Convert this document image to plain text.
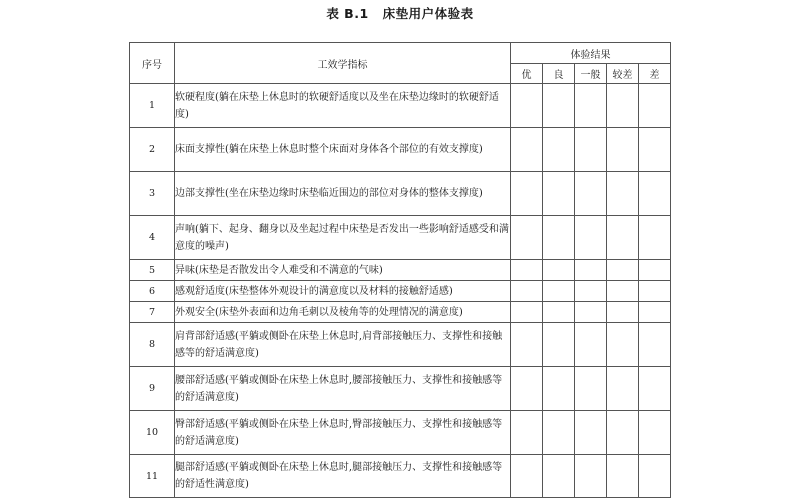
表 B.1 床垫用户体验表
序号	工效学指标	体验结果				
		优	良	一般	较差	差
1	软硬程度(躺在床垫上休息时的软硬舒适度以及坐在床垫边缘时的软硬舒适度)					
2	床面支撑性(躺在床垫上休息时整个床面对身体各个部位的有效支撑度)					
3	边部支撑性(坐在床垫边缘时床垫临近围边的部位对身体的整体支撑度)					
4	声响(躺下、起身、翻身以及坐起过程中床垫是否发出一些影响舒适感受和满意度的噪声)					
5	异味(床垫是否散发出令人难受和不满意的气味)					
6	感观舒适度(床垫整体外观设计的满意度以及材料的接触舒适感)					
7	外观安全(床垫外表面和边角毛刺以及棱角等的处理情况的满意度)					
8	肩背部舒适感(平躺或侧卧在床垫上休息时,肩背部接触压力、支撑性和接触感等的舒适满意度)					
9	腰部舒适感(平躺或侧卧在床垫上休息时,腰部接触压力、支撑性和接触感等的舒适满意度)					
10	臀部舒适感(平躺或侧卧在床垫上休息时,臀部接触压力、支撑性和接触感等的舒适满意度)					
11	腿部舒适感(平躺或侧卧在床垫上休息时,腿部接触压力、支撑性和接触感等的舒适性满意度)					
